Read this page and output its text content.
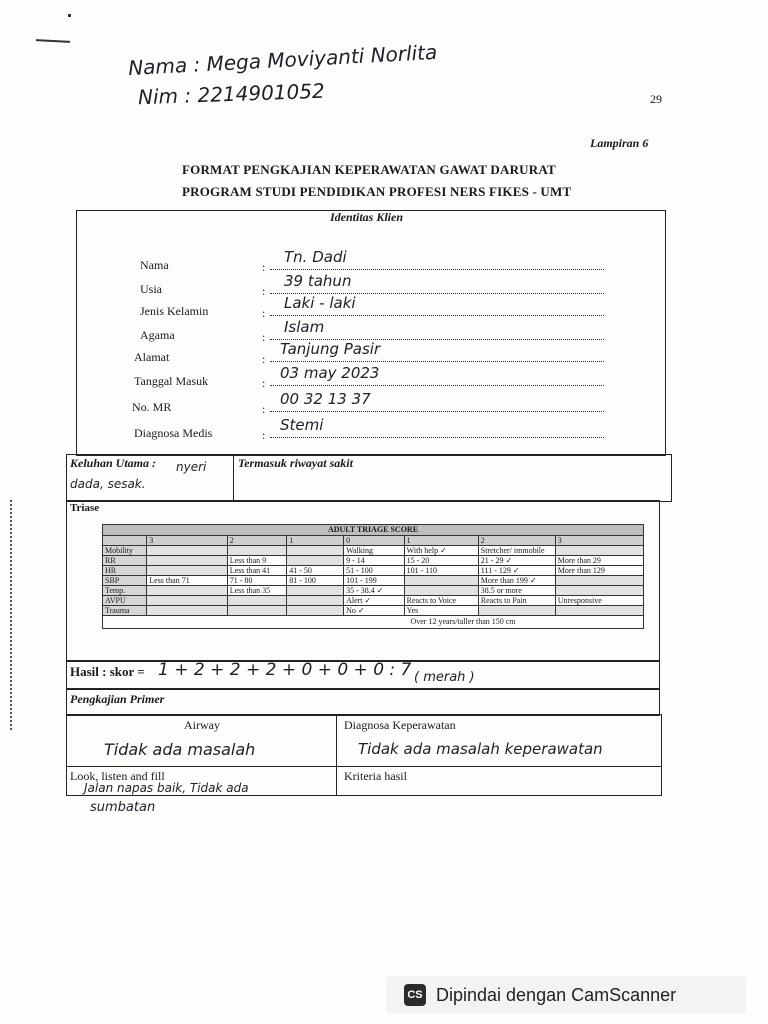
Nama : Mega Moviyanti Norlita
Nim : 2214901052	29
Lampiran 6
FORMAT PENGKAJIAN KEPERAWATAN GAWAT DARURAT
PROGRAM STUDI PENDIDIKAN PROFESI NERS FIKES - UMT
Identitas Klien
Nama	:
Tn. Dadi
Usia	:
39 tahun
Jenis Kelamin	:
Laki - laki
Agama	:
Islam
Alamat	:
Tanjung Pasir
Tanggal Masuk	:
03 may 2023
No. MR	:
00 32 13 37
Diagnosa Medis	:
Stemi
Keluhan Utama :	nyeri dada, sesak.
Termasuk riwayat sakit
Triase
ADULT TRIAGE SCORE
	3	2	1	0	1	2	3
Mobility				Walking	With help ✓	Stretcher/ immobile	
RR		Less than 9		9 - 14	15 - 20	21 - 29 ✓	More than 29
HR		Less than 41	41 - 50	51 - 100	101 - 110	111 - 129 ✓	More than 129
SBP	Less than 71	71 - 80	81 - 100	101 - 199		More than 199 ✓	
Temp.		Less than 35		35 - 38.4 ✓		38.5 or more	
AVPU				Alert ✓	Reacts to Voice	Reacts to Pain	Unresponsive
Trauma				No ✓	Yes		
Over 12 years/taller than 150 cm
Hasil : skor = 1 + 2 + 2 + 2 + 0 + 0 + 0 : 7 ( merah )
Pengkajian Primer
Airway	Diagnosa Keperawatan
Tidak ada masalah	Tidak ada masalah keperawatan
Look, listen and fill	Kriteria hasil
Jalan napas baik, Tidak ada
sumbatan
CS Dipindai dengan CamScanner
